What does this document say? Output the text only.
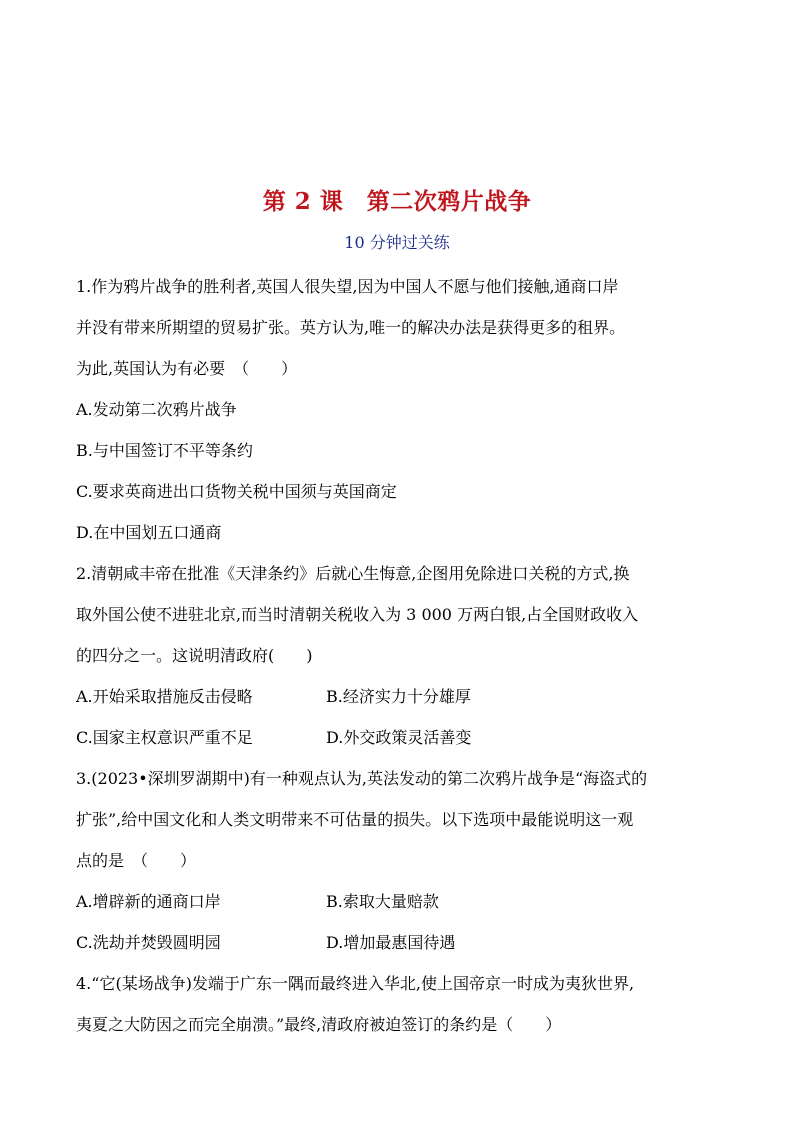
第 2 课　第二次鸦片战争
10 分钟过关练
1.作为鸦片战争的胜利者,英国人很失望,因为中国人不愿与他们接触,通商口岸
并没有带来所期望的贸易扩张。英方认为,唯一的解决办法是获得更多的租界。
为此,英国认为有必要　（　　）
A.发动第二次鸦片战争
B.与中国签订不平等条约
C.要求英商进出口货物关税中国须与英国商定
D.在中国划五口通商
2.清朝咸丰帝在批准《天津条约》后就心生悔意,企图用免除进口关税的方式,换
取外国公使不进驻北京,而当时清朝关税收入为 3 000 万两白银,占全国财政收入
的四分之一。这说明清政府(　　)
A.开始采取措施反击侵略	B.经济实力十分雄厚
C.国家主权意识严重不足	D.外交政策灵活善变
3.(2023•深圳罗湖期中)有一种观点认为,英法发动的第二次鸦片战争是“海盗式的
扩张”,给中国文化和人类文明带来不可估量的损失。以下选项中最能说明这一观
点的是　（　　）
A.增辟新的通商口岸	B.索取大量赔款
C.洗劫并焚毁圆明园	D.增加最惠国待遇
4.“它(某场战争)发端于广东一隅而最终进入华北,使上国帝京一时成为夷狄世界,
夷夏之大防因之而完全崩溃。”最终,清政府被迫签订的条约是（　　）
